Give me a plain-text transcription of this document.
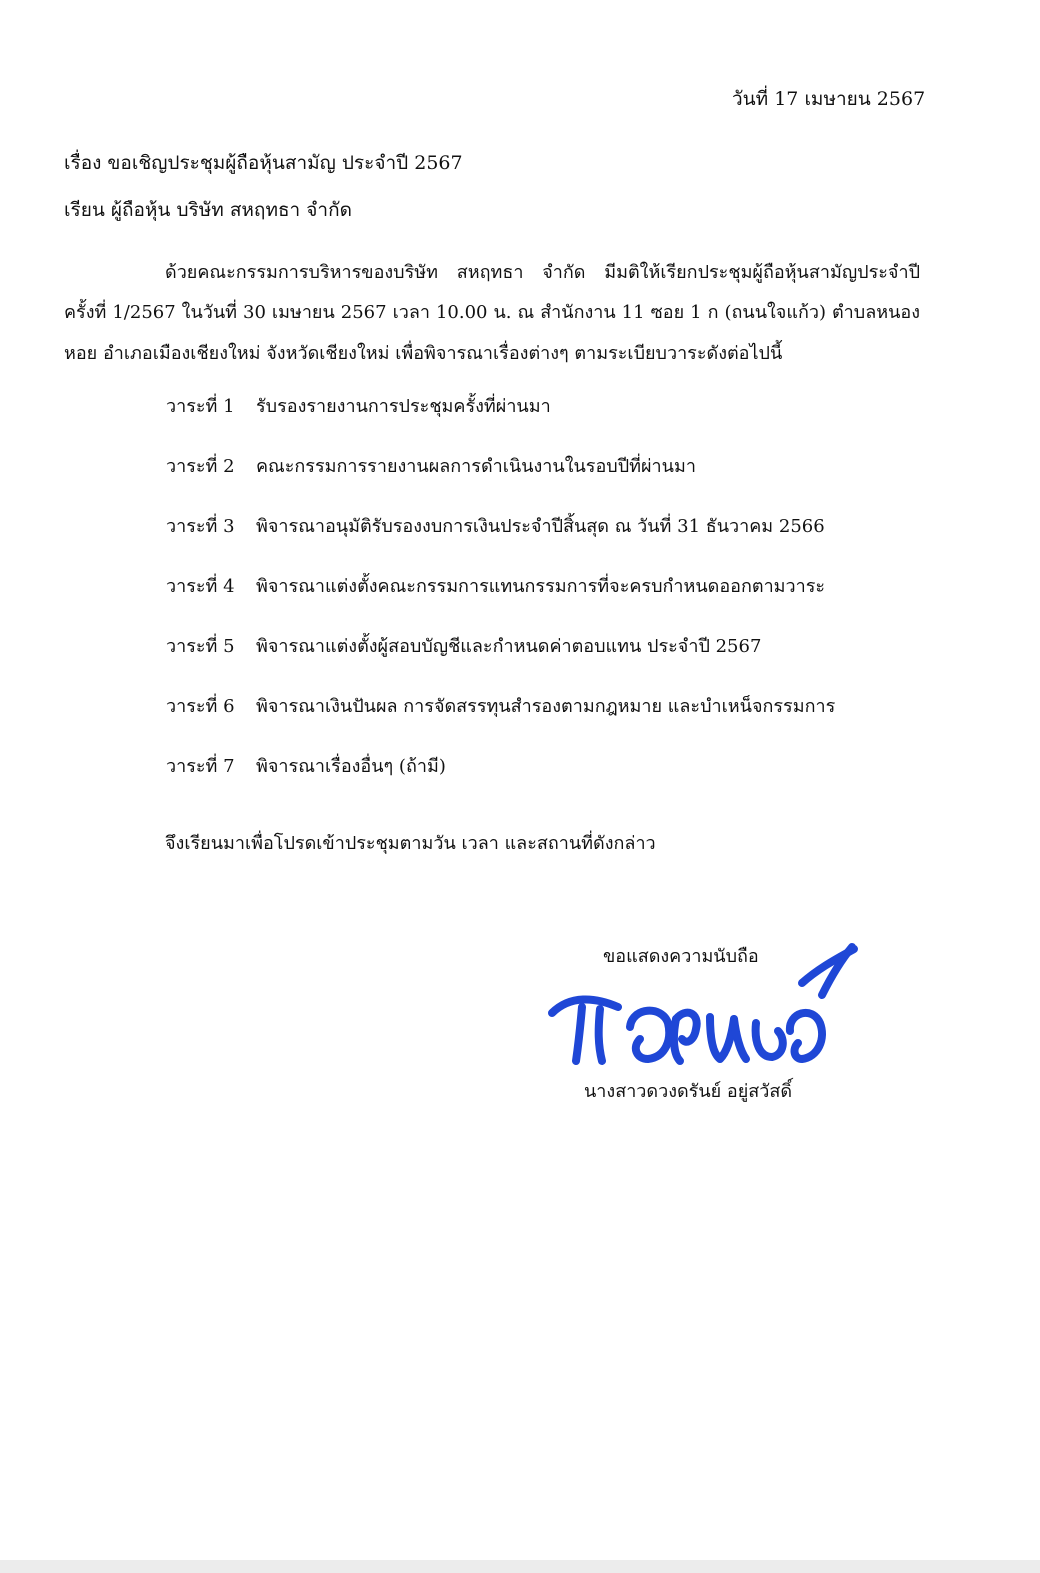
วันที่ 17 เมษายน 2567
เรื่อง ขอเชิญประชุมผู้ถือหุ้นสามัญ ประจำปี 2567
เรียน ผู้ถือหุ้น บริษัท สหฤทธา จำกัด
ด้วยคณะกรรมการบริหารของบริษัท สหฤทธา จำกัด มีมติให้เรียกประชุมผู้ถือหุ้นสามัญประจำปี
ครั้งที่ 1/2567 ในวันที่ 30 เมษายน 2567 เวลา 10.00 น. ณ สำนักงาน 11 ซอย 1 ก (ถนนใจแก้ว) ตำบลหนอง
หอย อำเภอเมืองเชียงใหม่ จังหวัดเชียงใหม่ เพื่อพิจารณาเรื่องต่างๆ ตามระเบียบวาระดังต่อไปนี้
วาระที่ 1 รับรองรายงานการประชุมครั้งที่ผ่านมา
วาระที่ 2 คณะกรรมการรายงานผลการดำเนินงานในรอบปีที่ผ่านมา
วาระที่ 3 พิจารณาอนุมัติรับรองงบการเงินประจำปีสิ้นสุด ณ วันที่ 31 ธันวาคม 2566
วาระที่ 4 พิจารณาแต่งตั้งคณะกรรมการแทนกรรมการที่จะครบกำหนดออกตามวาระ
วาระที่ 5 พิจารณาแต่งตั้งผู้สอบบัญชีและกำหนดค่าตอบแทน ประจำปี 2567
วาระที่ 6 พิจารณาเงินปันผล การจัดสรรทุนสำรองตามกฎหมาย และบำเหน็จกรรมการ
วาระที่ 7 พิจารณาเรื่องอื่นๆ (ถ้ามี)
จึงเรียนมาเพื่อโปรดเข้าประชุมตามวัน เวลา และสถานที่ดังกล่าว
ขอแสดงความนับถือ
นางสาวดวงดรันย์ อยู่สวัสดิ์
